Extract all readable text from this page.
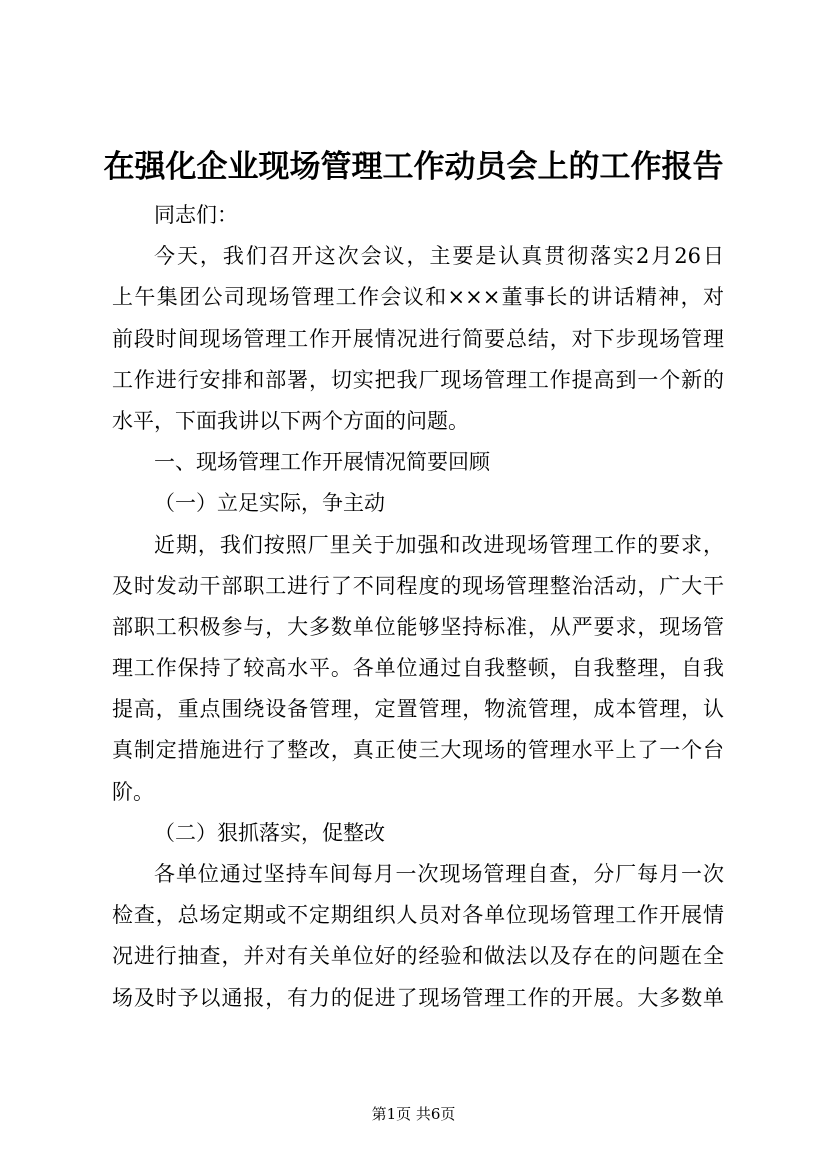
在强化企业现场管理工作动员会上的工作报告
同志们：
今天，我们召开这次会议，主要是认真贯彻落实2月26日
上午集团公司现场管理工作会议和×××董事长的讲话精神，对
前段时间现场管理工作开展情况进行简要总结，对下步现场管理
工作进行安排和部署，切实把我厂现场管理工作提高到一个新的
水平，下面我讲以下两个方面的问题。
一、现场管理工作开展情况简要回顾
（一）立足实际，争主动
近期，我们按照厂里关于加强和改进现场管理工作的要求，
及时发动干部职工进行了不同程度的现场管理整治活动，广大干
部职工积极参与，大多数单位能够坚持标准，从严要求，现场管
理工作保持了较高水平。各单位通过自我整顿，自我整理，自我
提高，重点围绕设备管理，定置管理，物流管理，成本管理，认
真制定措施进行了整改，真正使三大现场的管理水平上了一个台
阶。
（二）狠抓落实，促整改
各单位通过坚持车间每月一次现场管理自查，分厂每月一次
检查，总场定期或不定期组织人员对各单位现场管理工作开展情
况进行抽查，并对有关单位好的经验和做法以及存在的问题在全
场及时予以通报，有力的促进了现场管理工作的开展。大多数单
第1页 共6页
